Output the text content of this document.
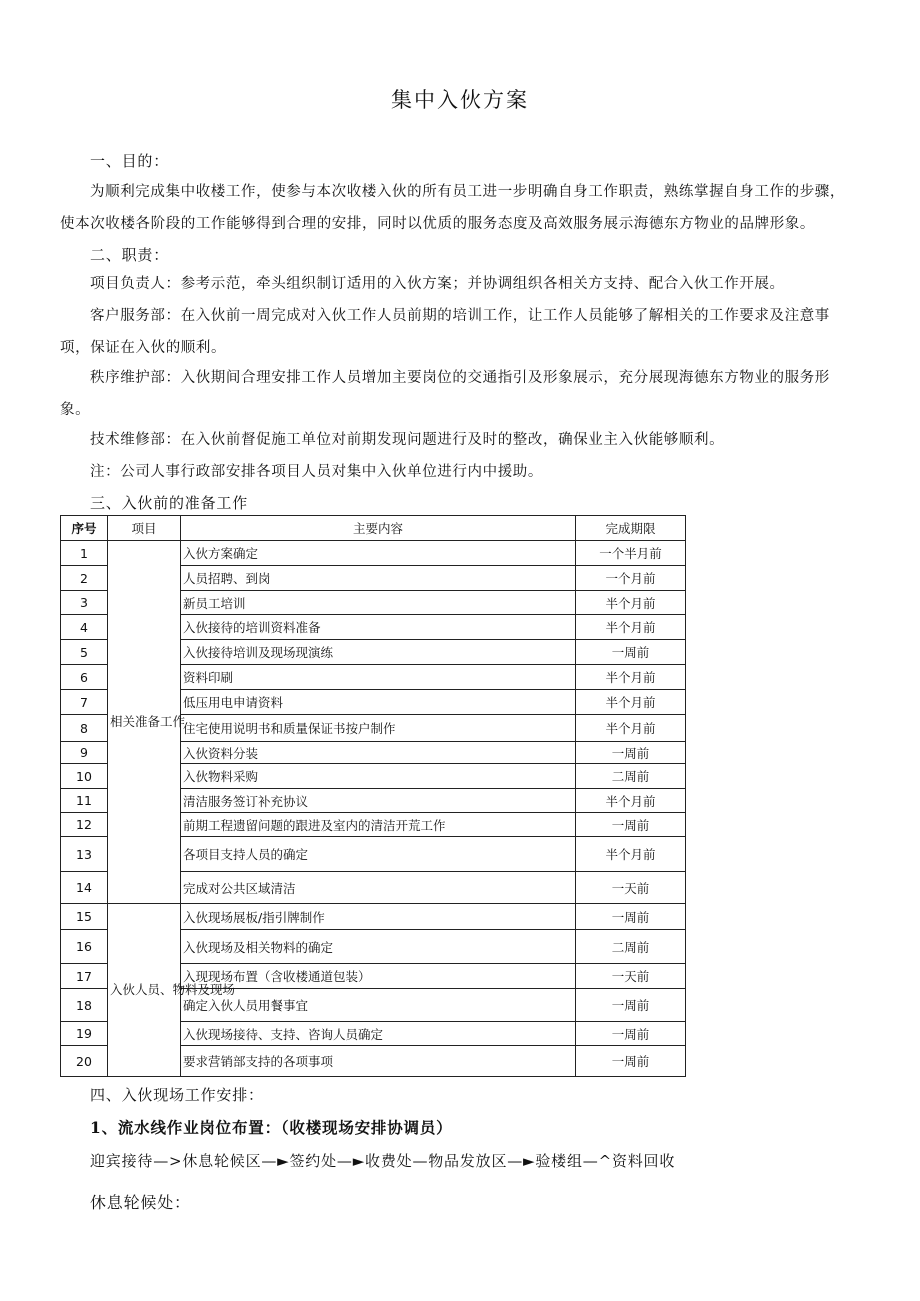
集中入伙方案
一、目的：
为顺利完成集中收楼工作，使参与本次收楼入伙的所有员工进一步明确自身工作职责，熟练掌握自身工作的步骤，使本次收楼各阶段的工作能够得到合理的安排，同时以优质的服务态度及高效服务展示海德东方物业的品牌形象。
二、职责：
项目负责人：参考示范，牵头组织制订适用的入伙方案；并协调组织各相关方支持、配合入伙工作开展。
客户服务部：在入伙前一周完成对入伙工作人员前期的培训工作，让工作人员能够了解相关的工作要求及注意事项，保证在入伙的顺利。
秩序维护部：入伙期间合理安排工作人员增加主要岗位的交通指引及形象展示，充分展现海德东方物业的服务形象。
技术维修部：在入伙前督促施工单位对前期发现问题进行及时的整改，确保业主入伙能够顺利。
注：公司人事行政部安排各项目人员对集中入伙单位进行内中援助。
三、入伙前的准备工作
序号	项目	主要内容	完成期限
1	相关准备工作	入伙方案确定	一个半月前
2		人员招聘、到岗	一个月前
3		新员工培训	半个月前
4		入伙接待的培训资料准备	半个月前
5		入伙接待培训及现场现演练	一周前
6		资料印刷	半个月前
7		低压用电申请资料	半个月前
8		住宅使用说明书和质量保证书按户制作	半个月前
9		入伙资料分装	一周前
10		入伙物料采购	二周前
11		清洁服务签订补充协议	半个月前
12		前期工程遗留问题的跟进及室内的清洁开荒工作	一周前
13		各项目支持人员的确定	半个月前
14		完成对公共区域清洁	一天前
15	入伙人员、物料及现场	入伙现场展板/指引牌制作	一周前
16		入伙现场及相关物料的确定	二周前
17		入现现场布置（含收楼通道包装）	一天前
18		确定入伙人员用餐事宜	一周前
19		入伙现场接待、支持、咨询人员确定	一周前
20		要求营销部支持的各项事项	一周前
四、入伙现场工作安排：
1、流水线作业岗位布置：（收楼现场安排协调员）
迎宾接待—>休息轮候区—►签约处—►收费处—物品发放区—►验楼组—^资料回收
休息轮候处：
